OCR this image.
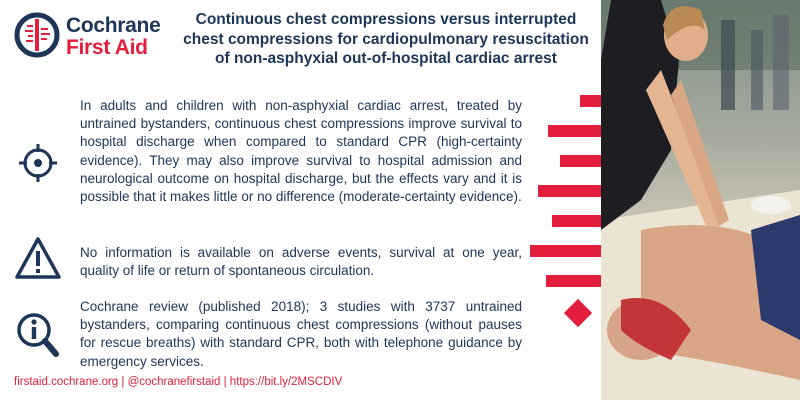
Cochrane
First Aid
Continuous chest compressions versus interrupted
chest compressions for cardiopulmonary resuscitation
of non-asphyxial out-of-hospital cardiac arrest
In adults and children with non-asphyxial cardiac arrest, treated by untrained bystanders, continuous chest compressions improve survival to hospital discharge when compared to standard CPR (high-certainty evidence). They may also improve survival to hospital admission and neurological outcome on hospital discharge, but the effects vary and it is possible that it makes little or no difference (moderate-certainty evidence).
No information is available on adverse events, survival at one year, quality of life or return of spontaneous circulation.
Cochrane review (published 2018); 3 studies with 3737 untrained bystanders, comparing continuous chest compressions (without pauses for rescue breaths) with standard CPR, both with telephone guidance by emergency services.
firstaid.cochrane.org | @cochranefirstaid | https://bit.ly/2MSCDIV
